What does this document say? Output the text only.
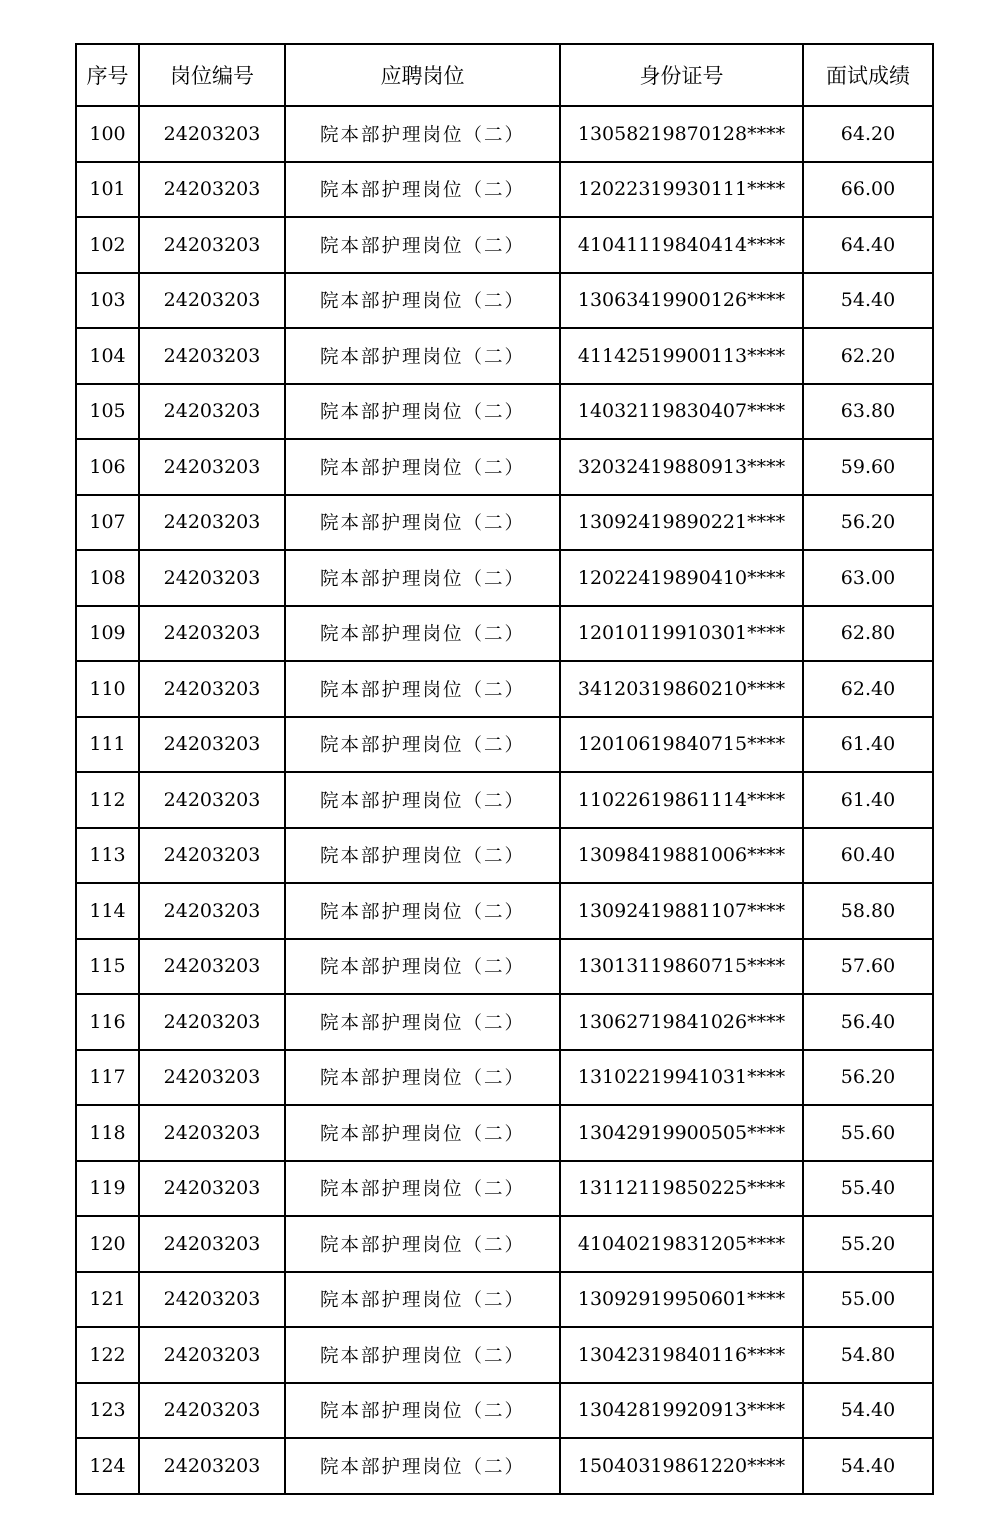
序号	岗位编号	应聘岗位	身份证号	面试成绩
100	24203203	院本部护理岗位（二）	13058219870128****	64.20
101	24203203	院本部护理岗位（二）	12022319930111****	66.00
102	24203203	院本部护理岗位（二）	41041119840414****	64.40
103	24203203	院本部护理岗位（二）	13063419900126****	54.40
104	24203203	院本部护理岗位（二）	41142519900113****	62.20
105	24203203	院本部护理岗位（二）	14032119830407****	63.80
106	24203203	院本部护理岗位（二）	32032419880913****	59.60
107	24203203	院本部护理岗位（二）	13092419890221****	56.20
108	24203203	院本部护理岗位（二）	12022419890410****	63.00
109	24203203	院本部护理岗位（二）	12010119910301****	62.80
110	24203203	院本部护理岗位（二）	34120319860210****	62.40
111	24203203	院本部护理岗位（二）	12010619840715****	61.40
112	24203203	院本部护理岗位（二）	11022619861114****	61.40
113	24203203	院本部护理岗位（二）	13098419881006****	60.40
114	24203203	院本部护理岗位（二）	13092419881107****	58.80
115	24203203	院本部护理岗位（二）	13013119860715****	57.60
116	24203203	院本部护理岗位（二）	13062719841026****	56.40
117	24203203	院本部护理岗位（二）	13102219941031****	56.20
118	24203203	院本部护理岗位（二）	13042919900505****	55.60
119	24203203	院本部护理岗位（二）	13112119850225****	55.40
120	24203203	院本部护理岗位（二）	41040219831205****	55.20
121	24203203	院本部护理岗位（二）	13092919950601****	55.00
122	24203203	院本部护理岗位（二）	13042319840116****	54.80
123	24203203	院本部护理岗位（二）	13042819920913****	54.40
124	24203203	院本部护理岗位（二）	15040319861220****	54.40
